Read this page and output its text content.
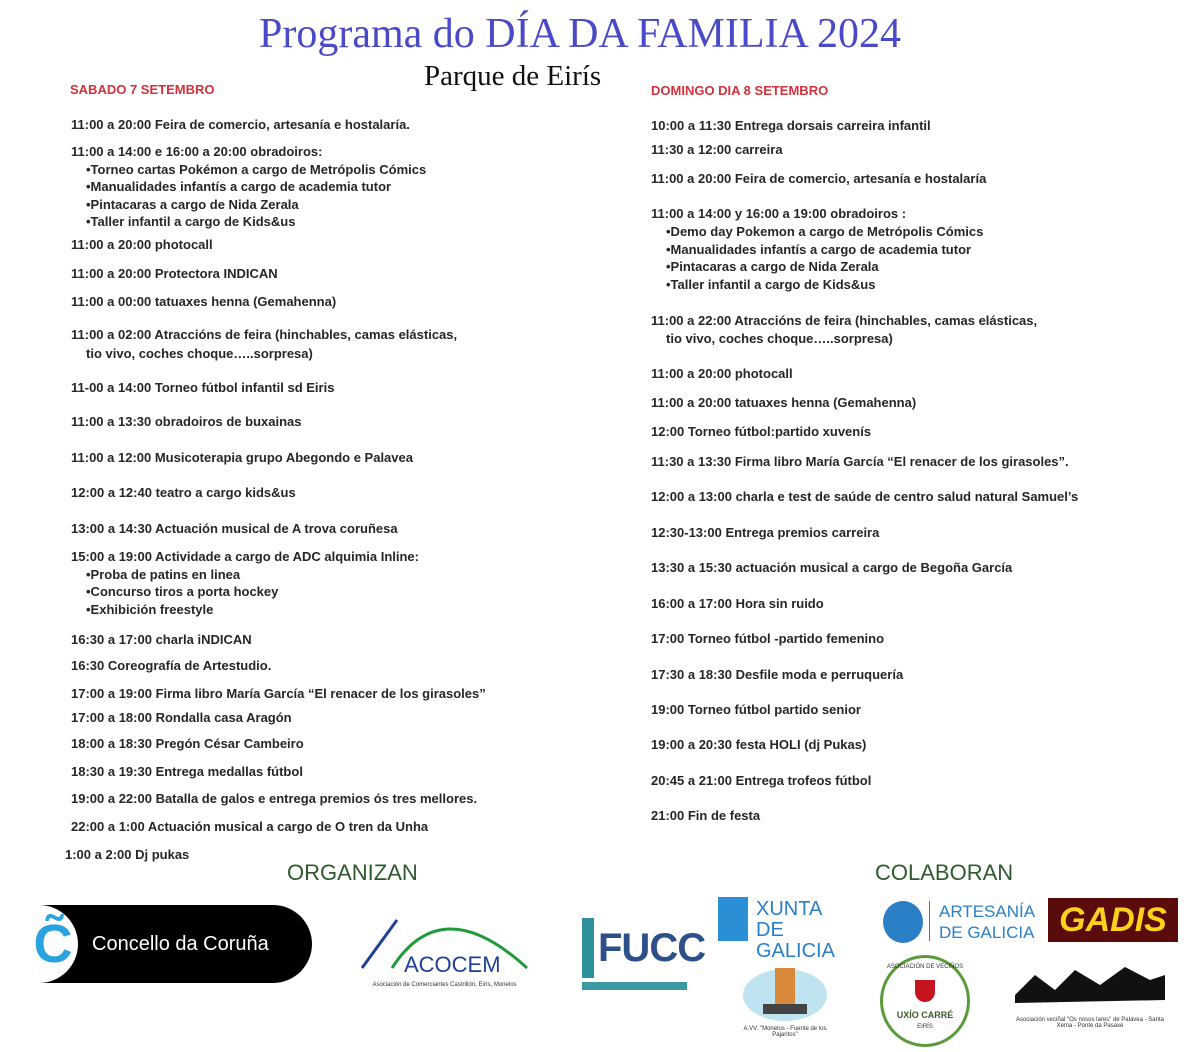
Programa do DÍA DA FAMILIA 2024
Parque de Eirís
SABADO 7 SETEMBRO	DOMINGO DIA 8 SETEMBRO
11:00 a 20:00 Feira de comercio, artesanía e hostalaría.
11:00 a 14:00 e 16:00 a 20:00 obradoiros:
•Torneo cartas Pokémon a cargo de Metrópolis Cómics
•Manualidades infantís a cargo de academia tutor
•Pintacaras a cargo de Nida Zerala
•Taller infantil a cargo de Kids&us
11:00 a 20:00 photocall
11:00 a 20:00 Protectora INDICAN
11:00 a 00:00 tatuaxes henna (Gemahenna)
11:00 a 02:00 Atraccións de feira (hinchables, camas elásticas,
tio vivo, coches choque…..sorpresa)
11-00 a 14:00 Torneo fútbol infantil sd Eiris
11:00 a 13:30 obradoiros de buxainas
11:00 a 12:00 Musicoterapia grupo Abegondo e Palavea
12:00 a 12:40 teatro a cargo kids&us
13:00 a 14:30 Actuación musical de A trova coruñesa
15:00 a 19:00 Actividade a cargo de ADC alquimia Inline:
•Proba de patins en linea
•Concurso tiros a porta hockey
•Exhibición freestyle
16:30 a 17:00 charla iNDICAN
16:30 Coreografía de Artestudio.
17:00 a 19:00 Firma libro María García “El renacer de los girasoles”
17:00 a 18:00 Rondalla casa Aragón
18:00 a 18:30 Pregón César Cambeiro
18:30 a 19:30 Entrega medallas fútbol
19:00 a 22:00 Batalla de galos e entrega premios ós tres mellores.
22:00 a 1:00 Actuación musical a cargo de O tren da Unha
1:00 a 2:00 Dj pukas
10:00 a 11:30 Entrega dorsais carreira infantil
11:30 a 12:00 carreira
11:00 a 20:00 Feira de comercio, artesanía e hostalaría
11:00 a 14:00 y 16:00 a 19:00 obradoiros :
•Demo day Pokemon a cargo de Metrópolis Cómics
•Manualidades infantís a cargo de academia tutor
•Pintacaras a cargo de Nida Zerala
•Taller infantil a cargo de Kids&us
11:00 a 22:00 Atraccións de feira (hinchables, camas elásticas,
tio vivo, coches choque…..sorpresa)
11:00 a 20:00 photocall
11:00 a 20:00 tatuaxes henna (Gemahenna)
12:00 Torneo fútbol:partido xuvenís
11:30 a 13:30 Firma libro María García “El renacer de los girasoles”.
12:00 a 13:00 charla e test de saúde de centro salud natural Samuel’s
12:30-13:00 Entrega premios carreira
13:30 a 15:30 actuación musical a cargo de Begoña García
16:00 a 17:00 Hora sin ruido
17:00 Torneo fútbol -partido femenino
17:30 a 18:30 Desfile moda e perruquería
19:00 Torneo fútbol partido senior
19:00 a 20:30 festa HOLI (dj Pukas)
20:45 a 21:00 Entrega trofeos fútbol
21:00 Fin de festa
ORGANIZAN	COLABORAN
C̃ Concello da Coruña
ACOCEM
Asociación de Comerciantes Castrillón, Eirís, Monelos
FUCC
XUNTA
DE GALICIA
ARTESANÍA
DE GALICIA GADIS
A.VV. "Monelos - Fuente de los Pajaritos"
ASOCIACIÓN DE VECIÑOS
UXÍO CARRÉ
EIRÍS
Asociación veciñal "Os nosos lares" de Palavea - Santa Xema - Ponte da Pasaxe
